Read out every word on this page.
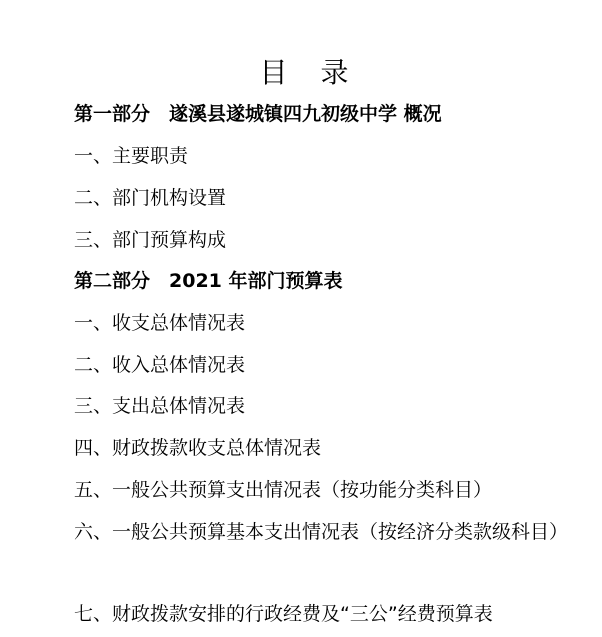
目 录
第一部分　遂溪县遂城镇四九初级中学 概况
一、主要职责
二、部门机构设置
三、部门预算构成
第二部分　2021 年部门预算表
一、收支总体情况表
二、收入总体情况表
三、支出总体情况表
四、财政拨款收支总体情况表
五、一般公共预算支出情况表（按功能分类科目）
六、一般公共预算基本支出情况表（按经济分类款级科目）
七、财政拨款安排的行政经费及“三公”经费预算表
